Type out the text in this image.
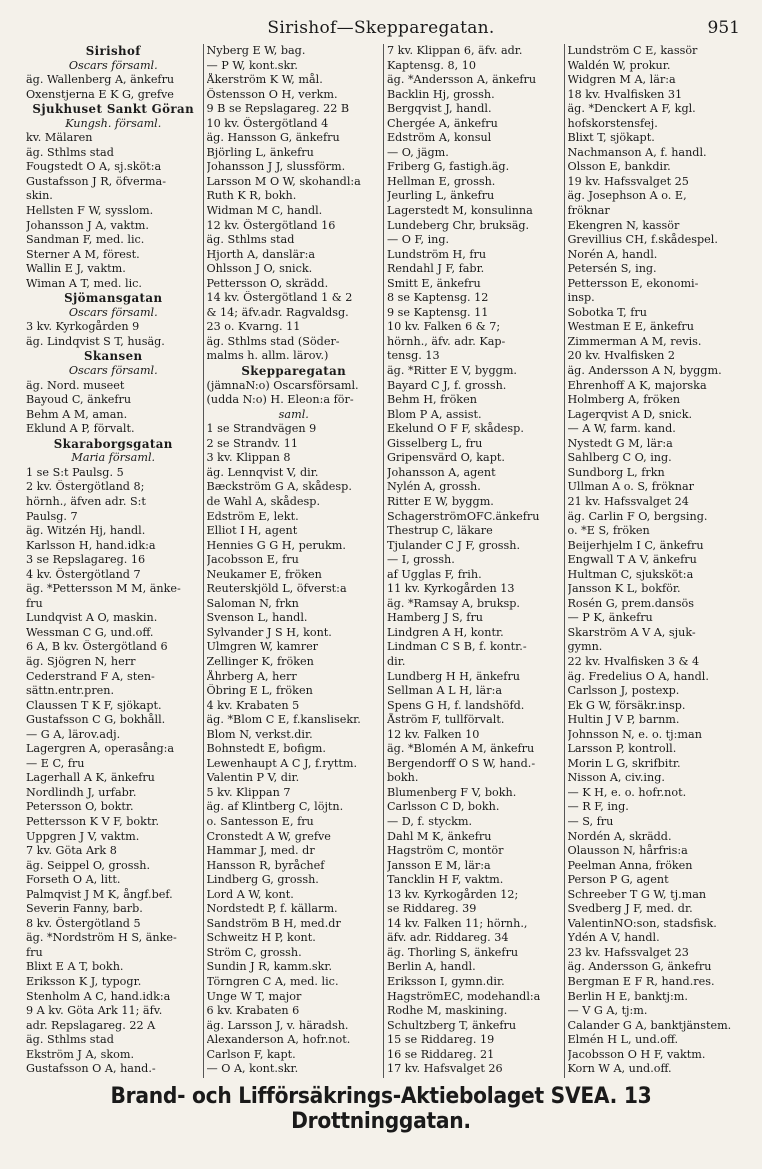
Sirishof—Skepparegatan.	951
Sirishof
Oscars församl.
äg. Wallenberg A, änkefru
Oxenstjerna E K G, grefve
Sjukhuset Sankt Göran
Kungsh. församl.
kv. Mälaren
äg. Sthlms stad
Fougstedt O A, sj.sköt:a
Gustafsson J R, öfverma-
skin.
Hellsten F W, sysslom.
Johansson J A, vaktm.
Sandman F, med. lic.
Sterner A M, förest.
Wallin E J, vaktm.
Wiman A T, med. lic.
Sjömansgatan
Oscars församl.
3 kv. Kyrkogården 9
äg. Lindqvist S T, husäg.
Skansen
Oscars församl.
äg. Nord. museet
Bayoud C, änkefru
Behm A M, aman.
Eklund A P, förvalt.
Skaraborgsgatan
Maria församl.
1 se S:t Paulsg. 5
2 kv. Östergötland 8;
hörnh., äfven adr. S:t
Paulsg. 7
äg. Witzén Hj, handl.
Karlsson H, hand.idk:a
3 se Repslagareg. 16
4 kv. Östergötland 7
äg. *Pettersson M M, änke-
fru
Lundqvist A O, maskin.
Wessman C G, und.off.
6 A, B kv. Östergötland 6
äg. Sjögren N, herr
Cederstrand F A, sten-
sättn.entr.pren.
Claussen T K F, sjökapt.
Gustafsson C G, bokhåll.
— G A, lärov.adj.
Lagergren A, operasång:a
— E C, fru
Lagerhall A K, änkefru
Nordlindh J, urfabr.
Petersson O, boktr.
Pettersson K V F, boktr.
Uppgren J V, vaktm.
7 kv. Göta Ark 8
äg. Seippel O, grossh.
Forseth O A, litt.
Palmqvist J M K, ångf.bef.
Severin Fanny, barb.
8 kv. Östergötland 5
äg. *Nordström H S, änke-
fru
Blixt E A T, bokh.
Eriksson K J, typogr.
Stenholm A C, hand.idk:a
9 A kv. Göta Ark 11; äfv.
adr. Repslagareg. 22 A
äg. Sthlms stad
Ekström J A, skom.
Gustafsson O A, hand.-
Nyberg E W, bag.
— P W, kont.skr.
Åkerström K W, mål.
Östensson O H, verkm.
9 B se Repslagareg. 22 B
10 kv. Östergötland 4
äg. Hansson G, änkefru
Björling L, änkefru
Johansson J J, slussförm.
Larsson M O W, skohandl:a
Ruth K R, bokh.
Widman M C, handl.
12 kv. Östergötland 16
äg. Sthlms stad
Hjorth A, danslär:a
Ohlsson J O, snick.
Pettersson O, skrädd.
14 kv. Östergötland 1 & 2
& 14; äfv.adr. Ragvaldsg.
23 o. Kvarng. 11
äg. Sthlms stad (Söder-
malms h. allm. lärov.)
Skepparegatan
(jämnaN:o) Oscarsförsaml.
(udda N:o) H. Eleon:a för-
saml.
1 se Strandvägen 9
2 se Strandv. 11
3 kv. Klippan 8
äg. Lennqvist V, dir.
Bæckström G A, skådesp.
de Wahl A, skådesp.
Edström E, lekt.
Elliot I H, agent
Hennies G G H, perukm.
Jacobsson E, fru
Neukamer E, fröken
Reuterskjöld L, öfverst:a
Saloman N, frkn
Svenson L, handl.
Sylvander J S H, kont.
Ulmgren W, kamrer
Zellinger K, fröken
Åhrberg A, herr
Öbring E L, fröken
4 kv. Krabaten 5
äg. *Blom C E, f.kanslisekr.
Blom N, verkst.dir.
Bohnstedt E, bofigm.
Lewenhaupt A C J, f.ryttm.
Valentin P V, dir.
5 kv. Klippan 7
äg. af Klintberg C, löjtn.
o. Santesson E, fru
Cronstedt A W, grefve
Hammar J, med. dr
Hansson R, byråchef
Lindberg G, grossh.
Lord A W, kont.
Nordstedt P, f. källarm.
Sandström B H, med.dr
Schweitz H P, kont.
Ström C, grossh.
Sundin J R, kamm.skr.
Törngren C A, med. lic.
Unge W T, major
6 kv. Krabaten 6
äg. Larsson J, v. häradsh.
Alexanderson A, hofr.not.
Carlson F, kapt.
— O A, kont.skr.
7 kv. Klippan 6, äfv. adr.
Kaptensg. 8, 10
äg. *Andersson A, änkefru
Backlin Hj, grossh.
Bergqvist J, handl.
Chergée A, änkefru
Edström A, konsul
— O, jägm.
Friberg G, fastigh.äg.
Hellman E, grossh.
Jeurling L, änkefru
Lagerstedt M, konsulinna
Lundeberg Chr, bruksäg.
— O F, ing.
Lundström H, fru
Rendahl J F, fabr.
Smitt E, änkefru
8 se Kaptensg. 12
9 se Kaptensg. 11
10 kv. Falken 6 & 7;
hörnh., äfv. adr. Kap-
tensg. 13
äg. *Ritter E V, byggm.
Bayard C J, f. grossh.
Behm H, fröken
Blom P A, assist.
Ekelund O F F, skådesp.
Gisselberg L, fru
Gripensvärd O, kapt.
Johansson A, agent
Nylén A, grossh.
Ritter E W, byggm.
SchagerströmOFC.änkefru
Thestrup C, läkare
Tjulander C J F, grossh.
— I, grossh.
af Ugglas F, frih.
11 kv. Kyrkogården 13
äg. *Ramsay A, bruksp.
Hamberg J S, fru
Lindgren A H, kontr.
Lindman C S B, f. kontr.-
dir.
Lundberg H H, änkefru
Sellman A L H, lär:a
Spens G H, f. landshöfd.
Åström F, tullförvalt.
12 kv. Falken 10
äg. *Blomén A M, änkefru
Bergendorff O S W, hand.-
bokh.
Blumenberg F V, bokh.
Carlsson C D, bokh.
— D, f. styckm.
Dahl M K, änkefru
Hagström C, montör
Jansson E M, lär:a
Tancklin H F, vaktm.
13 kv. Kyrkogården 12;
se Riddareg. 39
14 kv. Falken 11; hörnh.,
äfv. adr. Riddareg. 34
äg. Thorling S, änkefru
Berlin A, handl.
Eriksson I, gymn.dir.
HagströmEC, modehandl:a
Rodhe M, maskining.
Schultzberg T, änkefru
15 se Riddareg. 19
16 se Riddareg. 21
17 kv. Hafsvalget 26
Lundström C E, kassör
Waldén W, prokur.
Widgren M A, lär:a
18 kv. Hvalfisken 31
äg. *Denckert A F, kgl.
hofskorstensfej.
Blixt T, sjökapt.
Nachmanson A, f. handl.
Olsson E, bankdir.
19 kv. Hafssvalget 25
äg. Josephson A o. E,
fröknar
Ekengren N, kassör
Grevillius CH, f.skådespel.
Norén A, handl.
Petersén S, ing.
Pettersson E, ekonomi-
insp.
Sobotka T, fru
Westman E E, änkefru
Zimmerman A M, revis.
20 kv. Hvalfisken 2
äg. Andersson A N, byggm.
Ehrenhoff A K, majorska
Holmberg A, fröken
Lagerqvist A D, snick.
— A W, farm. kand.
Nystedt G M, lär:a
Sahlberg C O, ing.
Sundborg L, frkn
Ullman A o. S, fröknar
21 kv. Hafssvalget 24
äg. Carlin F O, bergsing.
o. *E S, fröken
Beijerhjelm I C, änkefru
Engwall T A V, änkefru
Hultman C, sjuksköt:a
Jansson K L, bokför.
Rosén G, prem.dansös
— P K, änkefru
Skarström A V A, sjuk-
gymn.
22 kv. Hvalfisken 3 & 4
äg. Fredelius O A, handl.
Carlsson J, postexp.
Ek G W, försäkr.insp.
Hultin J V P, barnm.
Johnsson N, e. o. tj:man
Larsson P, kontroll.
Morin L G, skrifbitr.
Nisson A, civ.ing.
— K H, e. o. hofr.not.
— R F, ing.
— S, fru
Nordén A, skrädd.
Olausson N, hårfris:a
Peelman Anna, fröken
Person P G, agent
Schreeber T G W, tj.man
Svedberg J F, med. dr.
ValentinNO:son, stadsfisk.
Ydén A V, handl.
23 kv. Hafssvalget 23
äg. Andersson G, änkefru
Bergman E F R, hand.res.
Berlin H E, banktj:m.
— V G A, tj:m.
Calander G A, banktjänstem.
Elmén H L, und.off.
Jacobsson O H F, vaktm.
Korn W A, und.off.
Brand- och Lifförsäkrings-Aktiebolaget SVEA. 13 Drottninggatan.
